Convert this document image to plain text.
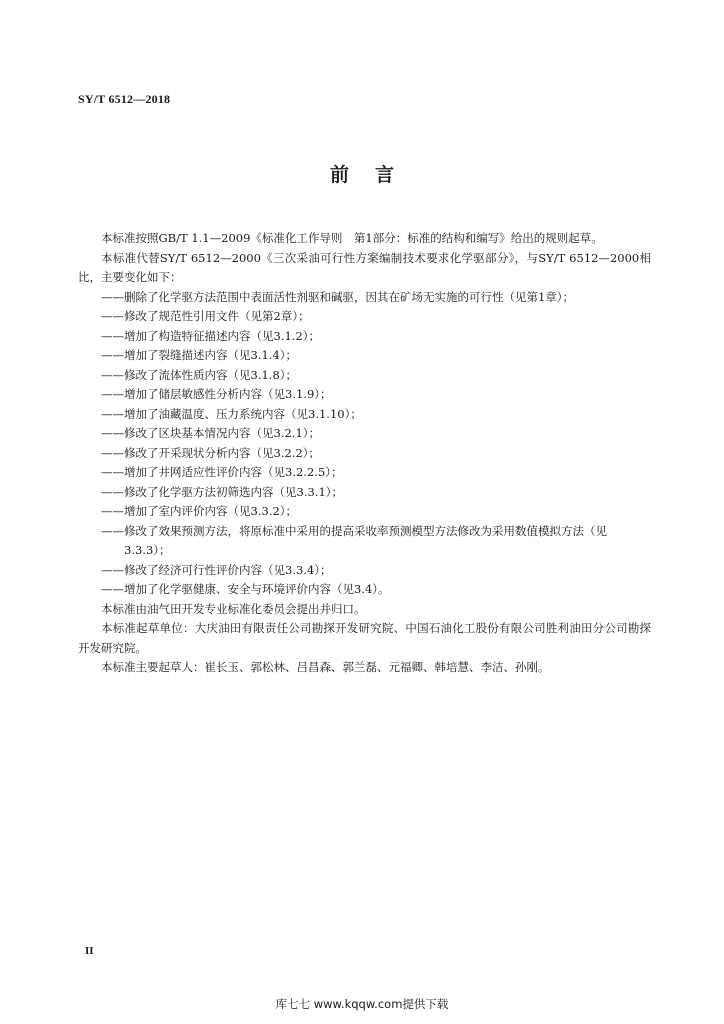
SY/T 6512—2018
前言
本标准按照GB/T 1.1—2009《标准化工作导则　第1部分：标准的结构和编写》给出的规则起草。
本标准代替SY/T 6512—2000《三次采油可行性方案编制技术要求化学驱部分》，与SY/T 6512—2000相比，主要变化如下：
——删除了化学驱方法范围中表面活性剂驱和碱驱，因其在矿场无实施的可行性（见第1章）；
——修改了规范性引用文件（见第2章）；
——增加了构造特征描述内容（见3.1.2）；
——增加了裂缝描述内容（见3.1.4）；
——修改了流体性质内容（见3.1.8）；
——增加了储层敏感性分析内容（见3.1.9）；
——增加了油藏温度、压力系统内容（见3.1.10）；
——修改了区块基本情况内容（见3.2.1）；
——修改了开采现状分析内容（见3.2.2）；
——增加了井网适应性评价内容（见3.2.2.5）；
——修改了化学驱方法初筛选内容（见3.3.1）；
——增加了室内评价内容（见3.3.2）；
——修改了效果预测方法，将原标准中采用的提高采收率预测模型方法修改为采用数值模拟方法（见3.3.3）；
——修改了经济可行性评价内容（见3.3.4）；
——增加了化学驱健康、安全与环境评价内容（见3.4）。
本标准由油气田开发专业标准化委员会提出并归口。
本标准起草单位：大庆油田有限责任公司勘探开发研究院、中国石油化工股份有限公司胜利油田分公司勘探开发研究院。
本标准主要起草人：崔长玉、郭松林、吕昌森、郭兰磊、元福卿、韩培慧、李洁、孙刚。
II
库七七 www.kqqw.com提供下载
